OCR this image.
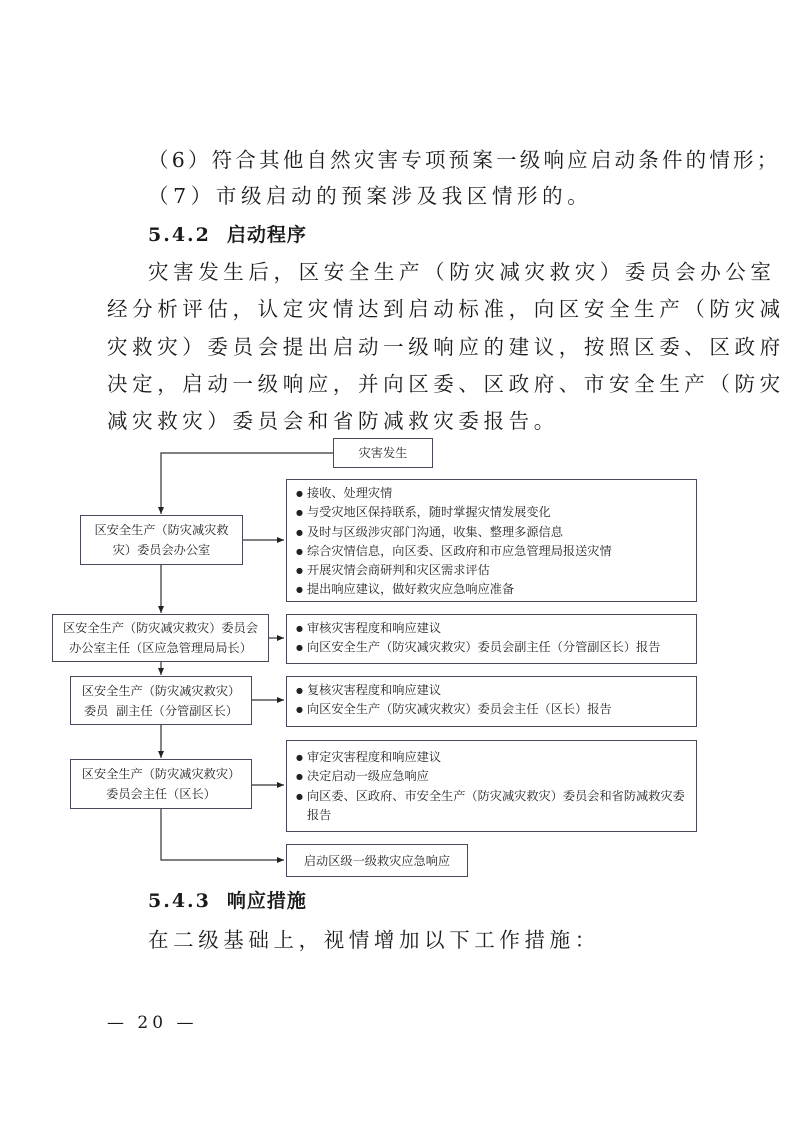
（6）符合其他自然灾害专项预案一级响应启动条件的情形；
（7）市级启动的预案涉及我区情形的。
5.4.2 启动程序
灾害发生后，区安全生产（防灾减灾救灾）委员会办公室
经分析评估，认定灾情达到启动标准，向区安全生产（防灾减
灾救灾）委员会提出启动一级响应的建议，按照区委、区政府
决定，启动一级响应，并向区委、区政府、市安全生产（防灾
减灾救灾）委员会和省防减救灾委报告。
灾害发生
区安全生产（防灾减灾救
灾）委员会办公室
● 接收、处理灾情
● 与受灾地区保持联系，随时掌握灾情发展变化
● 及时与区级涉灾部门沟通，收集、整理多源信息
● 综合灾情信息，向区委、区政府和市应急管理局报送灾情
● 开展灾情会商研判和灾区需求评估
● 提出响应建议，做好救灾应急响应准备
区安全生产（防灾减灾救灾）委员会
办公室主任（区应急管理局局长）
● 审核灾害程度和响应建议
● 向区安全生产（防灾减灾救灾）委员会副主任（分管副区长）报告
区安全生产（防灾减灾救灾）
委员  副主任（分管副区长）
● 复核灾害程度和响应建议
● 向区安全生产（防灾减灾救灾）委员会主任（区长）报告
区安全生产（防灾减灾救灾）
委员会主任（区长）
● 审定灾害程度和响应建议
● 决定启动一级应急响应
● 向区委、区政府、市安全生产（防灾减灾救灾）委员会和省防减救灾委报告
启动区级一级救灾应急响应
5.4.3 响应措施
在二级基础上，视情增加以下工作措施：
— 20 —
